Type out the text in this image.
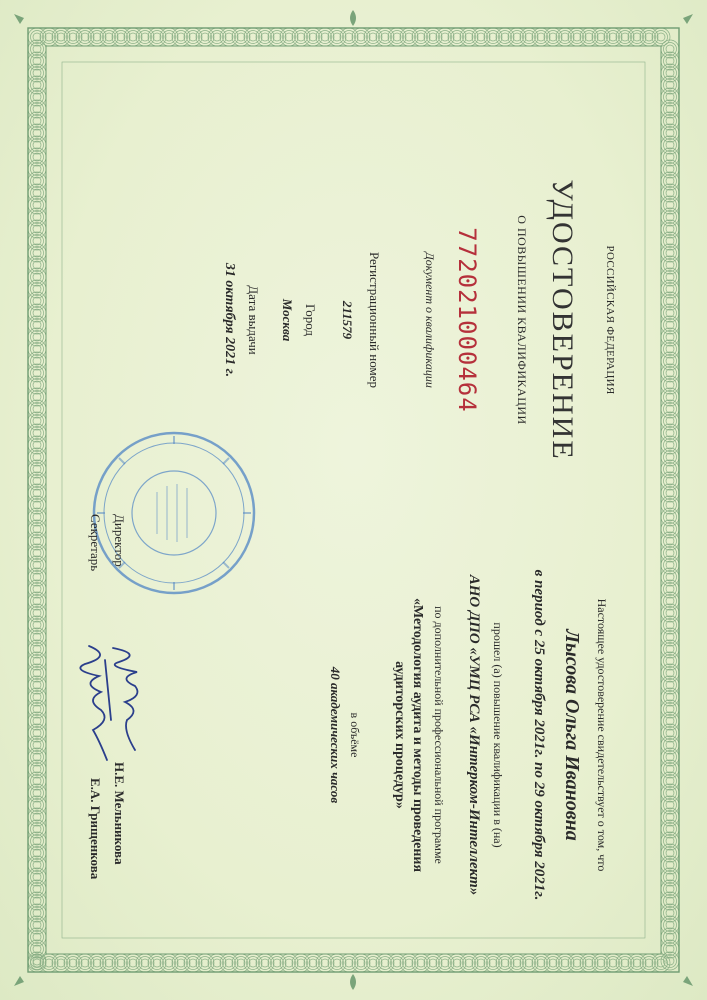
РОССИЙСКАЯ ФЕДЕРАЦИЯ
УДОСТОВЕРЕНИЕ
О ПОВЫШЕНИИ КВАЛИФИКАЦИИ
772021000464
Документ о квалификации
Регистрационный номер
211579
Город
Москва
Дата выдачи
31 октября 2021 г.
Настоящее удостоверение свидетельствует о том, что
Лысова Ольга Ивановна
в период с 25 октября 2021г. по 29 октября 2021г.
прошел (а) повышение квалификации в (на)
АНО ДПО «УМЦ РСА «Интерком-Интеллект»
по дополнительной профессиональной программе
«Методология аудита и методы проведения
аудиторских процедур»
в объёме
40 академических часов
Директор
Секретарь
Н.Е. Мельникова
Е.А. Грищенкова
